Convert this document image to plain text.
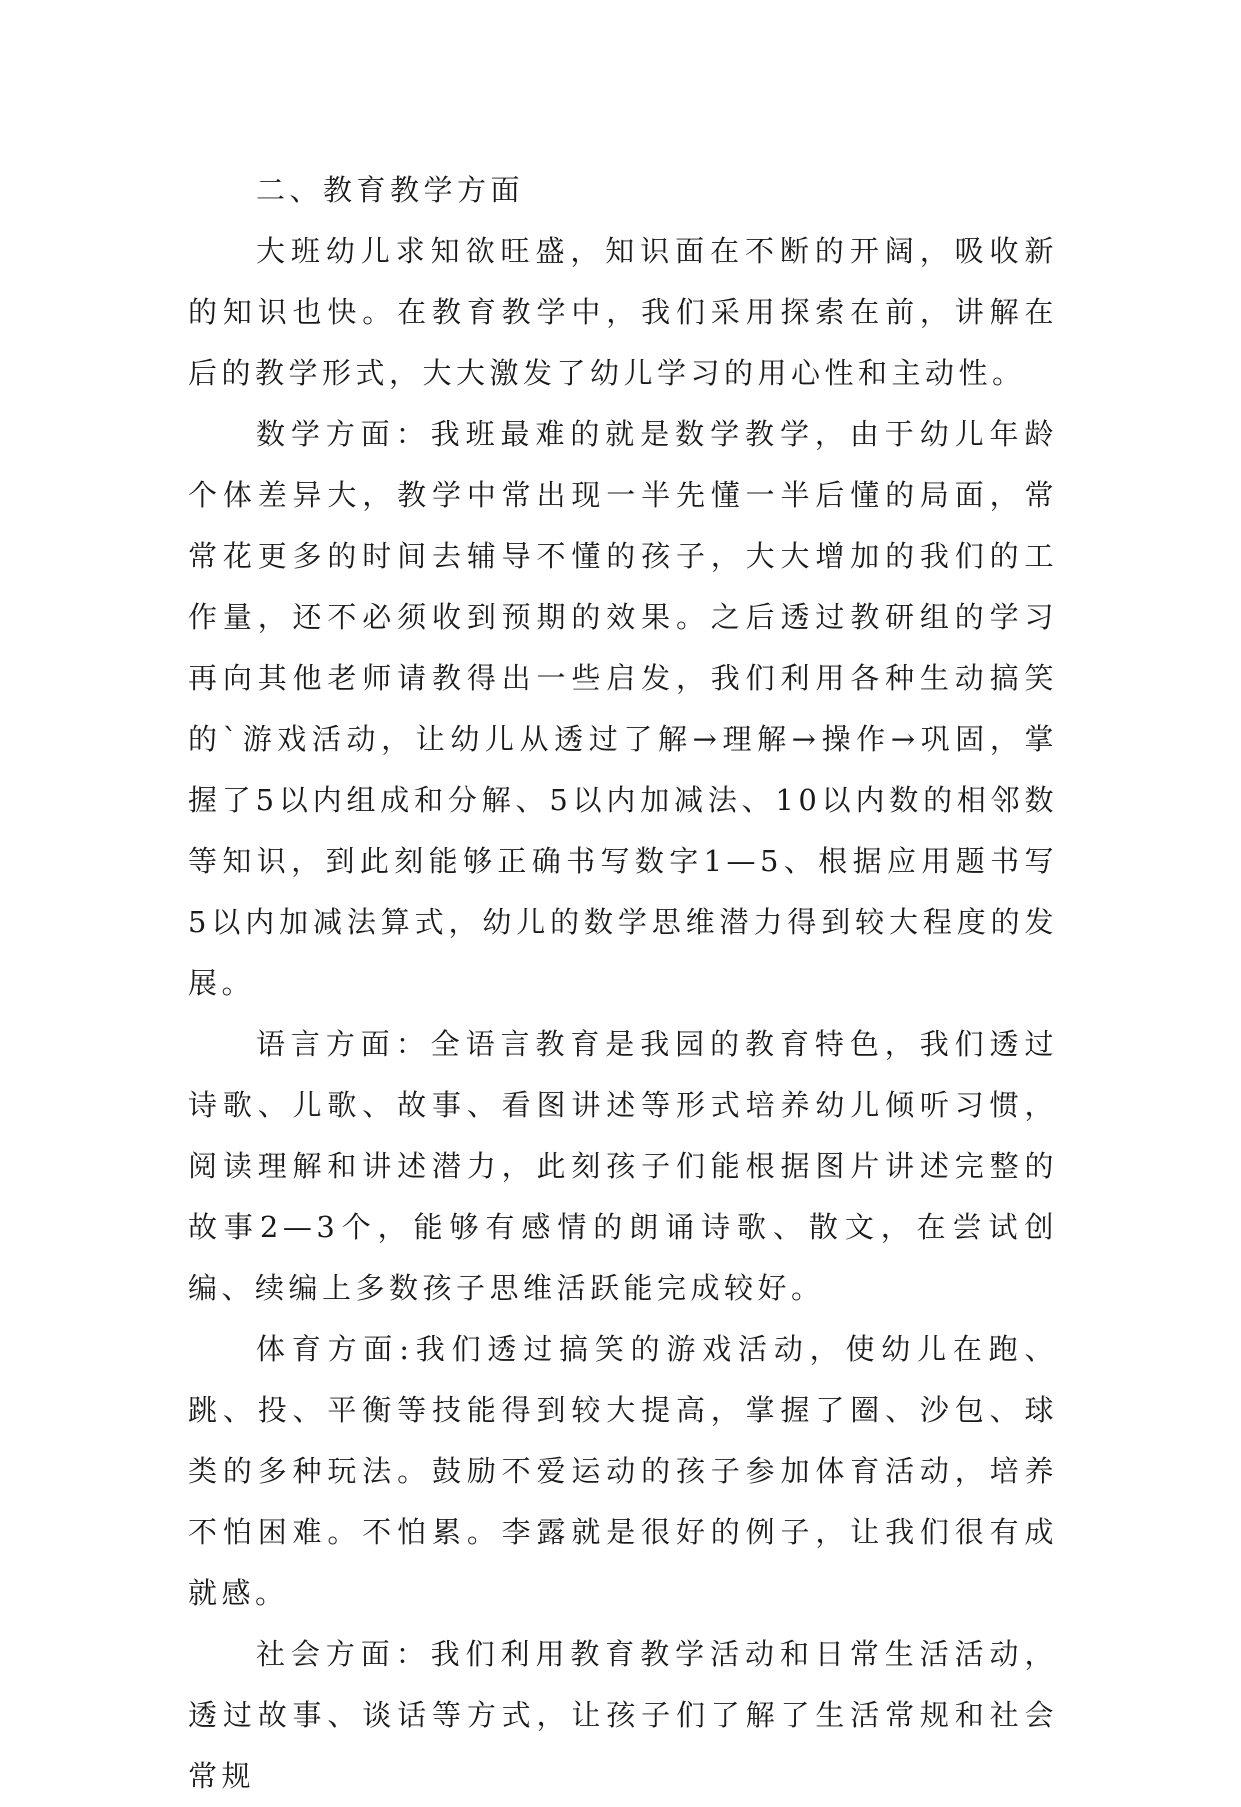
二、教育教学方面

大班幼儿求知欲旺盛，知识面在不断的开阔，吸收新的知识也快。在教育教学中，我们采用探索在前，讲解在后的教学形式，大大激发了幼儿学习的用心性和主动性。

数学方面：我班最难的就是数学教学，由于幼儿年龄个体差异大，教学中常出现一半先懂一半后懂的局面，常常花更多的时间去辅导不懂的孩子，大大增加的我们的工作量，还不必须收到预期的效果。之后透过教研组的学习再向其他老师请教得出一些启发，我们利用各种生动搞笑的`游戏活动，让幼儿从透过了解→理解→操作→巩固，掌握了5以内组成和分解、5以内加减法、10以内数的相邻数等知识，到此刻能够正确书写数字1—5、根据应用题书写5以内加减法算式，幼儿的数学思维潜力得到较大程度的发展。

语言方面：全语言教育是我园的教育特色，我们透过诗歌、儿歌、故事、看图讲述等形式培养幼儿倾听习惯，阅读理解和讲述潜力，此刻孩子们能根据图片讲述完整的故事2—3个，能够有感情的朗诵诗歌、散文，在尝试创编、续编上多数孩子思维活跃能完成较好。

体育方面:我们透过搞笑的游戏活动，使幼儿在跑、跳、投、平衡等技能得到较大提高，掌握了圈、沙包、球类的多种玩法。鼓励不爱运动的孩子参加体育活动，培养不怕困难。不怕累。李露就是很好的例子，让我们很有成就感。

社会方面：我们利用教育教学活动和日常生活活动，透过故事、谈话等方式，让孩子们了解了生活常规和社会常规
